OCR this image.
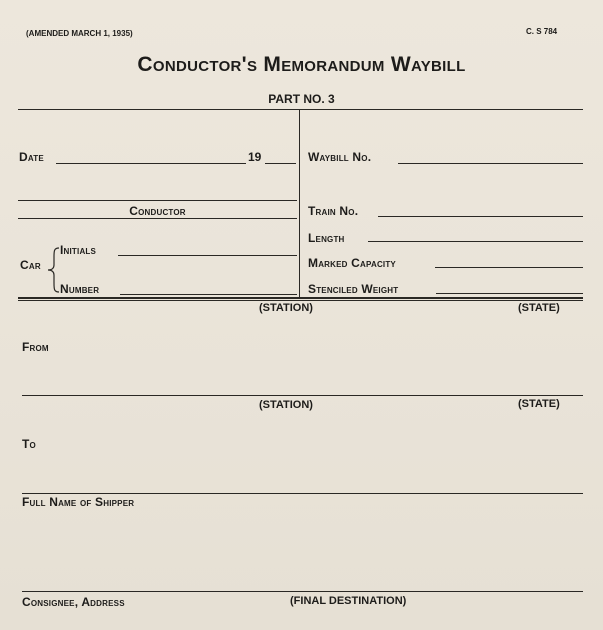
(AMENDED MARCH 1, 1935)	C. S 784
Conductor's Memorandum Waybill
PART NO. 3
Date	19
Conductor
Car
Initials
Number
Waybill No.
Train No.
Length
Marked Capacity
Stenciled Weight
(STATION)	(STATE)
From
(STATION)	(STATE)
To
Full Name of Shipper
Consignee, Address	(FINAL DESTINATION)
